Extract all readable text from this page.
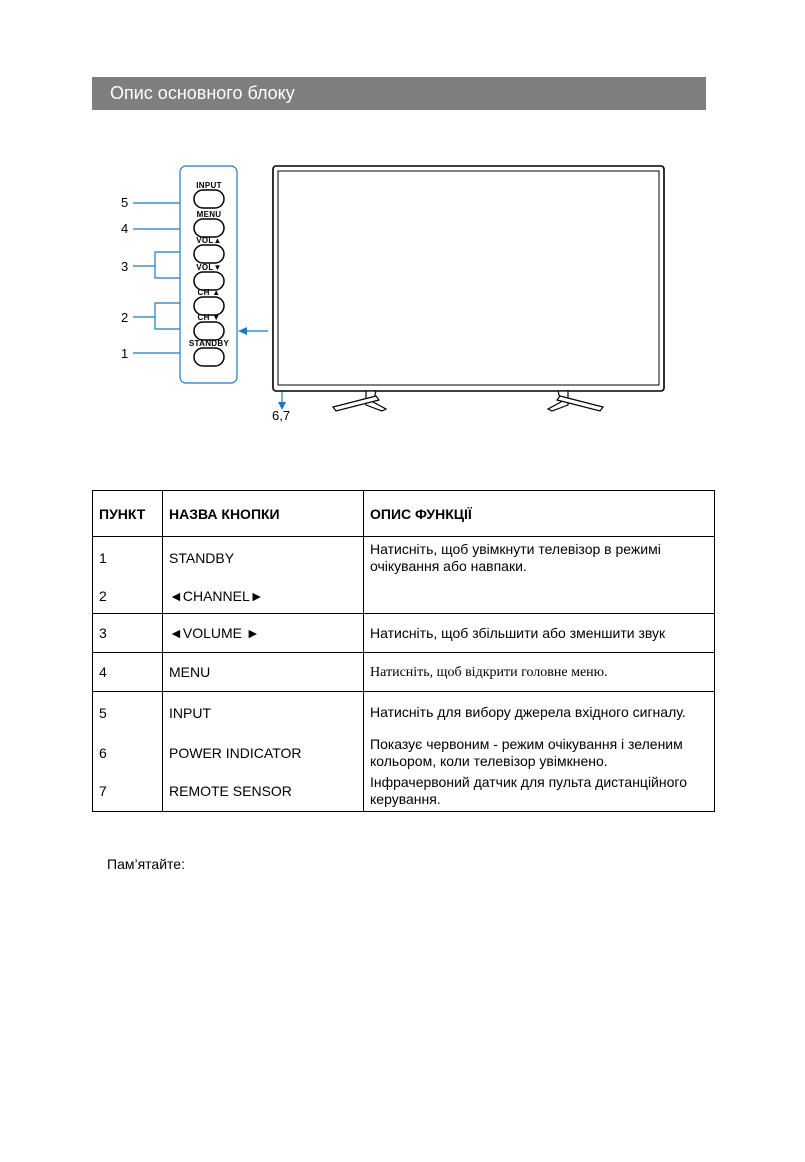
Опис основного блоку
5
4
3
2
1
6,7
INPUT
MENU
VOL▲
VOL▼
CH ▲
CH ▼
STANDBY
ПУНКТ	НАЗВА КНОПКИ	ОПИС ФУНКЦІЇ
1	STANDBY	Натисніть, щоб увімкнути телевізор в режимі очікування або навпаки.
2	◄CHANNEL►	
3	◄VOLUME ►	Натисніть, щоб збільшити або зменшити звук
4	MENU	Натисніть, щоб відкрити головне меню.
5	INPUT	Натисніть для вибору джерела вхідного сигналу.
6	POWER INDICATOR	Показує червоним - режим очікування і зеленим кольором, коли телевізор увімкнено.
7	REMOTE SENSOR	Інфрачервоний датчик для пульта дистанційного керування.
Пам’ятайте:
